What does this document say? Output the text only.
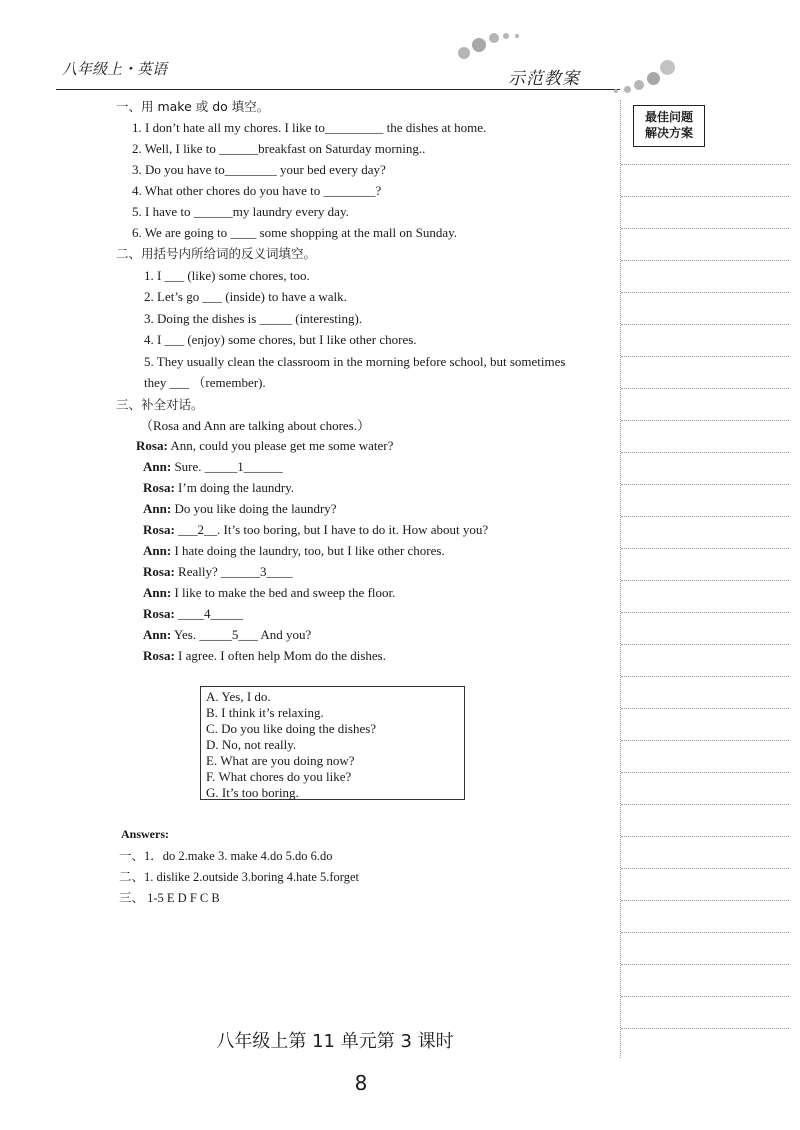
八年级上・英语	示范教案
最佳问题
解决方案
一、用 make 或 do 填空。
1. I don’t hate all my chores. I like to_________ the dishes at home.
2. Well, I like to ______breakfast on Saturday morning..
3. Do you have to________ your bed every day?
4. What other chores do you have to ________?
5. I have to ______my laundry every day.
6. We are going to ____ some shopping at the mall on Sunday.
二、用括号内所给词的反义词填空。
1. I ___ (like) some chores, too.
2. Let’s go ___ (inside) to have a walk.
3. Doing the dishes is _____ (interesting).
4. I ___ (enjoy) some chores, but I like other chores.
5. They usually clean the classroom in the morning before school, but sometimes
they ___ （remember).
三、补全对话。
（Rosa and Ann are talking about chores.）
Rosa: Ann, could you please get me some water?
Ann: Sure. _____1______
Rosa: I’m doing the laundry.
Ann: Do you like doing the laundry?
Rosa: ___2__. It’s too boring, but I have to do it. How about you?
Ann: I hate doing the laundry, too, but I like other chores.
Rosa: Really? ______3____
Ann: I like to make the bed and sweep the floor.
Rosa: ____4_____
Ann: Yes. _____5___ And you?
Rosa: I agree. I often help Mom do the dishes.
A. Yes, I do.
B. I think it’s relaxing.
C. Do you like doing the dishes?
D. No, not really.
E. What are you doing now?
F. What chores do you like?
G. It’s too boring.
Answers:
一、1．do 2.make 3. make 4.do 5.do 6.do
二、1. dislike 2.outside 3.boring 4.hate 5.forget
三、 1-5 E D F C B
八年级上第 11 单元第 3 课时
8
